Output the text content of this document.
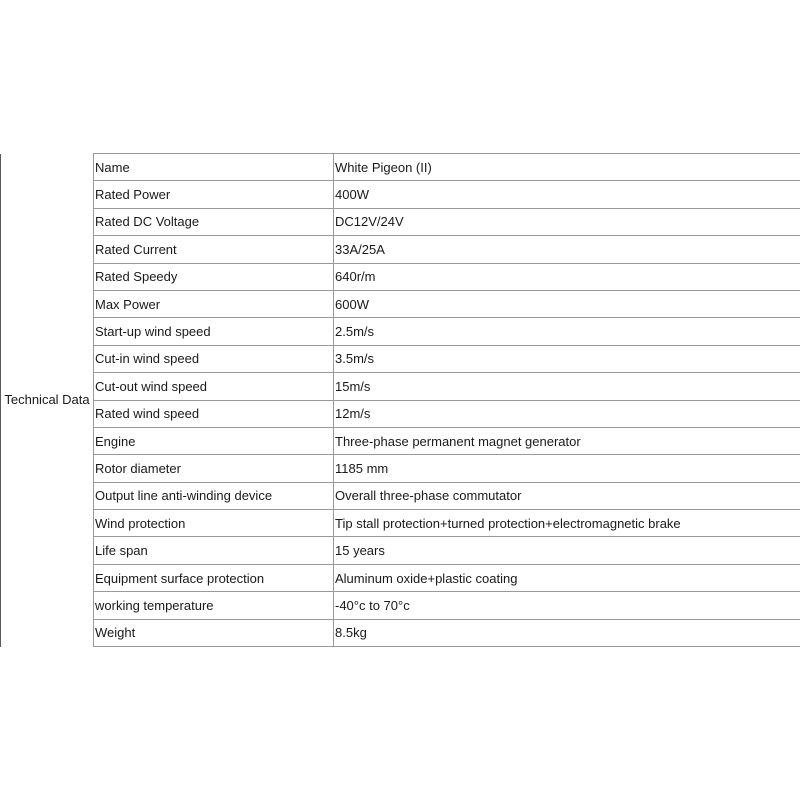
Technical Data	Name	White Pigeon (II)
	Rated Power	400W
	Rated DC Voltage	DC12V/24V
	Rated Current	33A/25A
	Rated Speedy	640r/m
	Max Power	600W
	Start-up wind speed	2.5m/s
	Cut-in wind speed	3.5m/s
	Cut-out wind speed	15m/s
	Rated wind speed	12m/s
	Engine	Three-phase permanent magnet generator
	Rotor diameter	1185 mm
	Output line anti-winding device	Overall three-phase commutator
	Wind protection	Tip stall protection+turned protection+electromagnetic brake
	Life span	15 years
	Equipment surface protection	Aluminum oxide+plastic coating
	working temperature	-40°c to 70°c
	Weight	8.5kg
